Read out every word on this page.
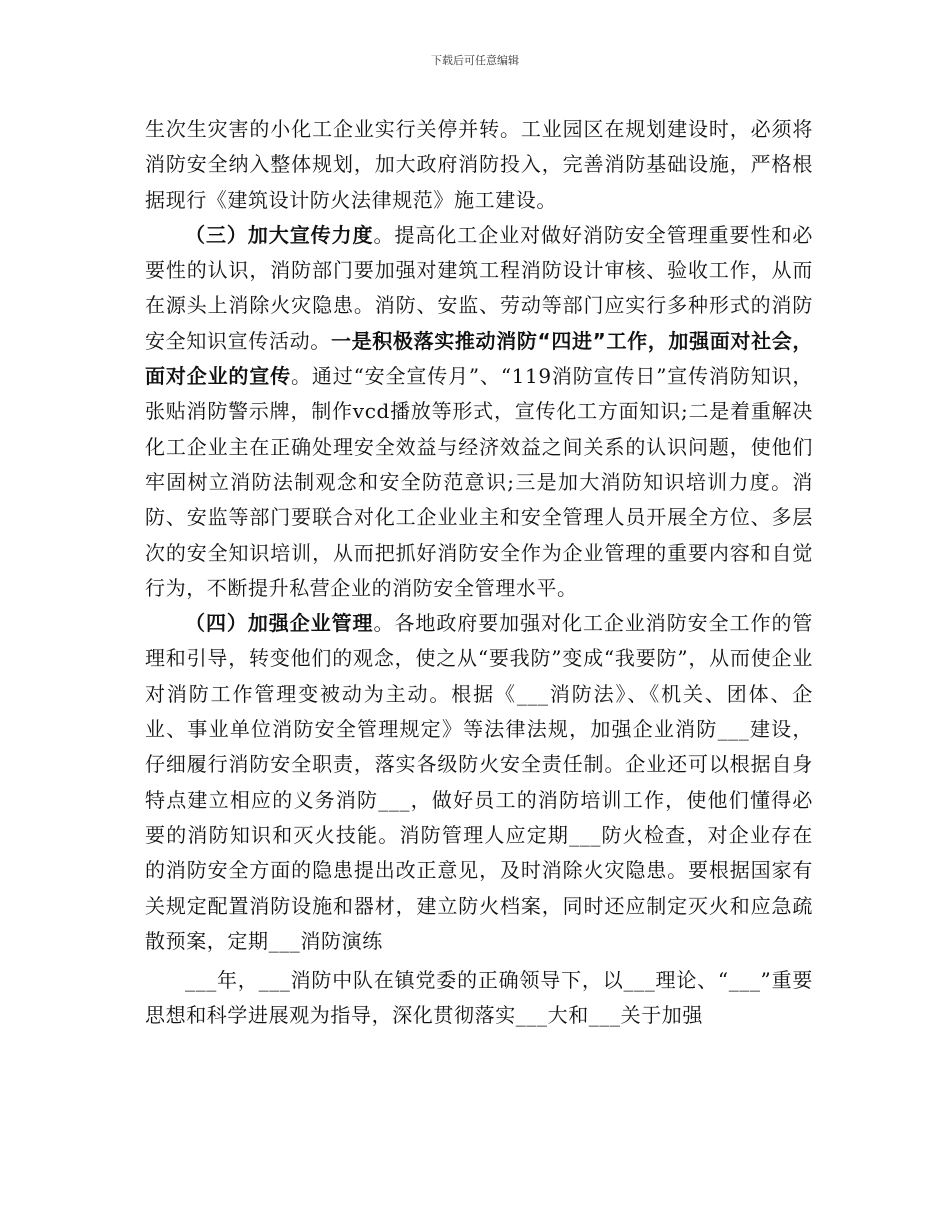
下载后可任意编辑

生次生灾害的小化工企业实行关停并转。工业园区在规划建设时，必须将消防安全纳入整体规划，加大政府消防投入，完善消防基础设施，严格根据现行《建筑设计防火法律规范》施工建设。

（三）加大宣传力度。提高化工企业对做好消防安全管理重要性和必要性的认识，消防部门要加强对建筑工程消防设计审核、验收工作，从而在源头上消除火灾隐患。消防、安监、劳动等部门应实行多种形式的消防安全知识宣传活动。一是积极落实推动消防“四进”工作，加强面对社会，面对企业的宣传。通过“安全宣传月”、“119消防宣传日”宣传消防知识，张贴消防警示牌，制作vcd播放等形式，宣传化工方面知识;二是着重解决化工企业主在正确处理安全效益与经济效益之间关系的认识问题，使他们牢固树立消防法制观念和安全防范意识;三是加大消防知识培训力度。消防、安监等部门要联合对化工企业业主和安全管理人员开展全方位、多层次的安全知识培训，从而把抓好消防安全作为企业管理的重要内容和自觉行为，不断提升私营企业的消防安全管理水平。

（四）加强企业管理。各地政府要加强对化工企业消防安全工作的管理和引导，转变他们的观念，使之从“要我防”变成“我要防”，从而使企业对消防工作管理变被动为主动。根据《___消防法》、《机关、团体、企业、事业单位消防安全管理规定》等法律法规，加强企业消防___建设，仔细履行消防安全职责，落实各级防火安全责任制。企业还可以根据自身特点建立相应的义务消防___，做好员工的消防培训工作，使他们懂得必要的消防知识和灭火技能。消防管理人应定期___防火检查，对企业存在的消防安全方面的隐患提出改正意见，及时消除火灾隐患。要根据国家有关规定配置消防设施和器材，建立防火档案，同时还应制定灭火和应急疏散预案，定期___消防演练

___年，___消防中队在镇党委的正确领导下，以___理论、“___”重要思想和科学进展观为指导，深化贯彻落实___大和___关于加强
